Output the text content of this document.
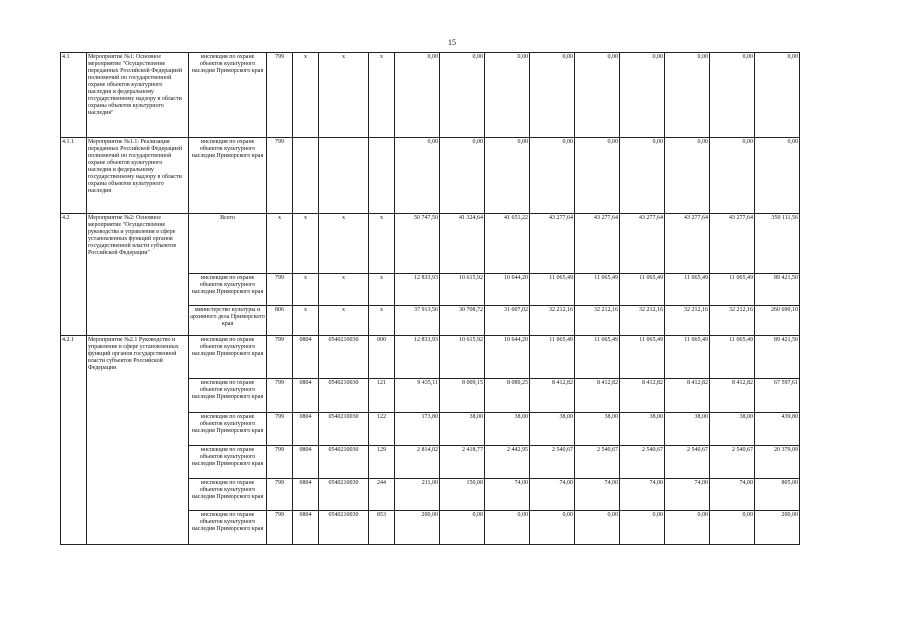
15
4.1	Мероприятие №1: Основное мероприятие "Осуществление переданных Российской Федерацией полномочий по государственной охране объектов культурного наследия и федеральному государственному надзору в области охраны объектов культурного наследия"	инспекция по охране объектов культурного наследия Приморского края	799	x	x	x	0,00	0,00	0,00	0,00	0,00	0,00	0,00	0,00	0,00
4.1.1	Мероприятие №1.1: Реализация переданных Российской Федерацией полномочий по государственной охране объектов культурного наследия и федеральному государственному надзору в области охраны объектов культурного наследия	инспекция по охране объектов культурного наследия Приморского края	799				0,00	0,00	0,00	0,00	0,00	0,00	0,00	0,00	0,00
4.2	Мероприятие №2: Основное мероприятие "Осуществление руководства и управления в сфере установленных функций органов государственной власти субъектов Российской Федерации"	Всего	x	x	x	x	50 747,50	41 324,64	41 651,22	43 277,64	43 277,64	43 277,64	43 277,64	43 277,64	350 111,56
		инспекция по охране объектов культурного наследия Приморского края	799	x	x	x	12 833,93	10 615,92	10 644,20	11 065,49	11 065,49	11 065,49	11 065,49	11 065,49	89 421,50
		министерство культуры и архивного дела Приморского края	806	x	x	x	37 913,56	30 708,72	31 007,02	32 212,16	32 212,16	32 212,16	32 212,16	32 212,16	260 690,10
4.2.1	Мероприятие №2.1 Руководство и управление в сфере установленных функций органов государственной власти субъектов Российской Федерации	инспекция по охране объектов культурного наследия Приморского края	799	0804	0540210030	000	12 833,93	10 615,92	10 644,20	11 065,49	11 065,49	11 065,49	11 065,49	11 065,49	89 421,50
		инспекция по охране объектов культурного наследия Приморского края	799	0804	0540210030	121	9 435,11	8 009,15	8 089,25	8 412,82	8 412,82	8 412,82	8 412,82	8 412,82	67 597,61
		инспекция по охране объектов культурного наследия Приморского края	799	0804	0540210030	122	173,80	38,00	38,00	38,00	38,00	38,00	38,00	38,00	439,80
		инспекция по охране объектов культурного наследия Приморского края	799	0804	0540210030	129	2 814,02	2 418,77	2 442,95	2 540,67	2 540,67	2 540,67	2 540,67	2 540,67	20 379,09
		инспекция по охране объектов культурного наследия Приморского края	799	0804	0540210030	244	211,00	150,00	74,00	74,00	74,00	74,00	74,00	74,00	805,00
		инспекция по охране объектов культурного наследия Приморского края	799	0804	0540210030	853	200,00	0,00	0,00	0,00	0,00	0,00	0,00	0,00	200,00
